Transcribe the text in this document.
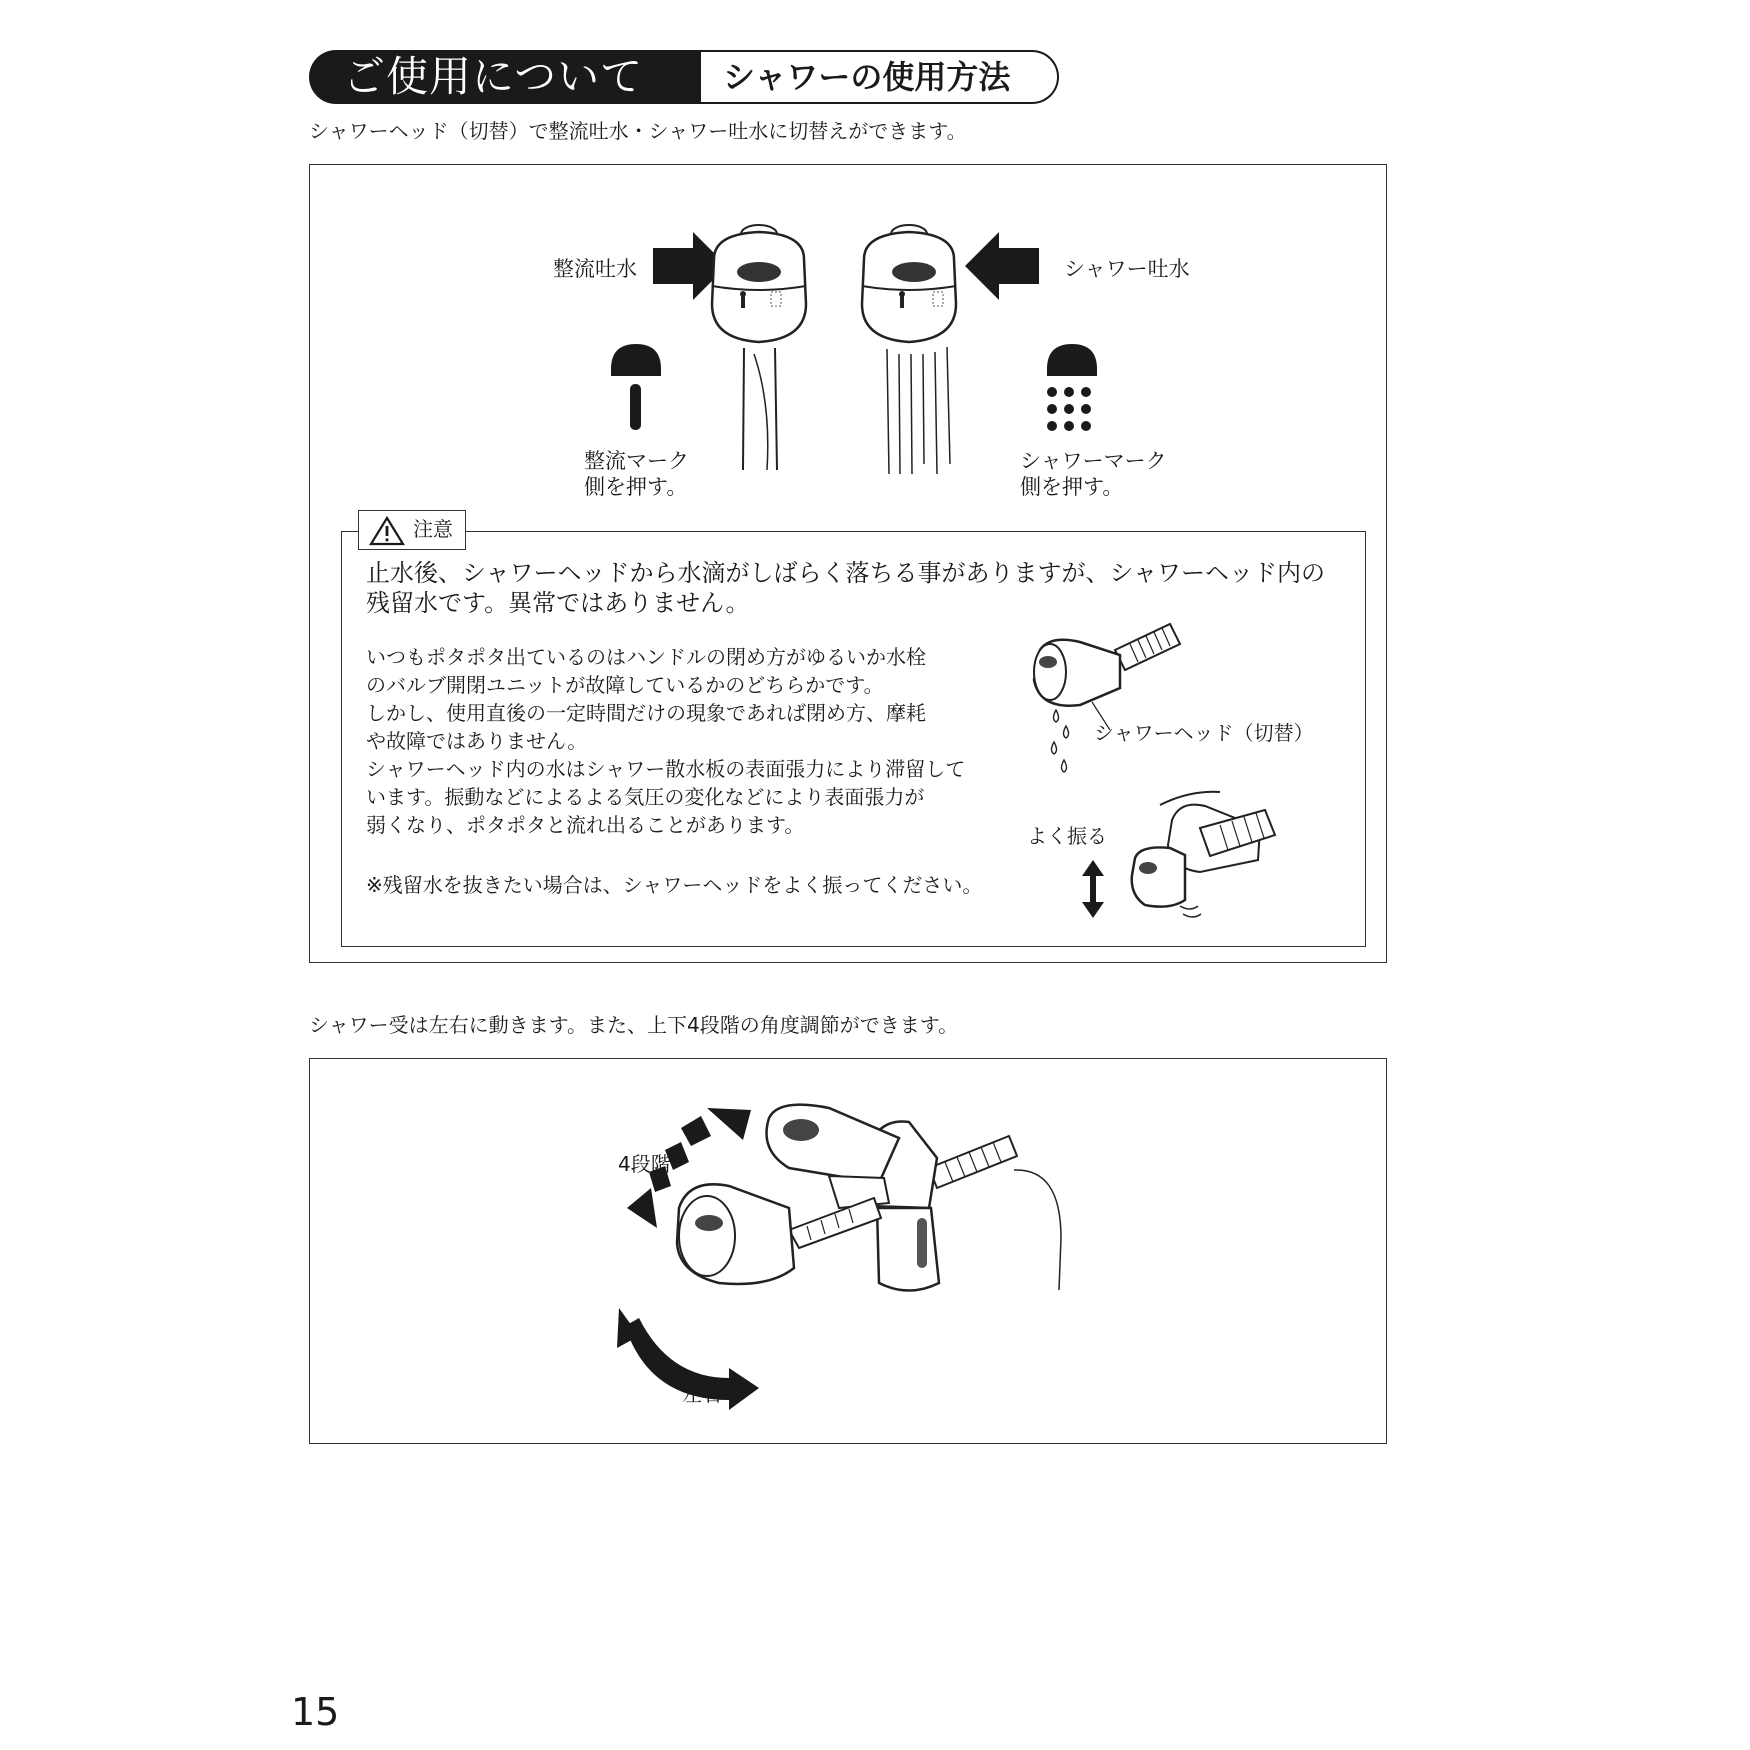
ご使用について	シャワーの使用方法
シャワーヘッド（切替）で整流吐水・シャワー吐水に切替えができます。
整流吐水	シャワー吐水
整流マーク
側を押す。
シャワーマーク
側を押す。
注意
止水後、シャワーヘッドから水滴がしばらく落ちる事がありますが、シャワーヘッド内の
残留水です。異常ではありません。
いつもポタポタ出ているのはハンドルの閉め方がゆるいか水栓
のバルブ開閉ユニットが故障しているかのどちらかです。
しかし、使用直後の一定時間だけの現象であれば閉め方、摩耗
や故障ではありません。
シャワーヘッド内の水はシャワー散水板の表面張力により滞留して
います。振動などによるよる気圧の変化などにより表面張力が
弱くなり、ポタポタと流れ出ることがあります。
※残留水を抜きたい場合は、シャワーヘッドをよく振ってください。
シャワーヘッド（切替）
よく振る
シャワー受は左右に動きます。また、上下4段階の角度調節ができます。
4段階
左右
15
